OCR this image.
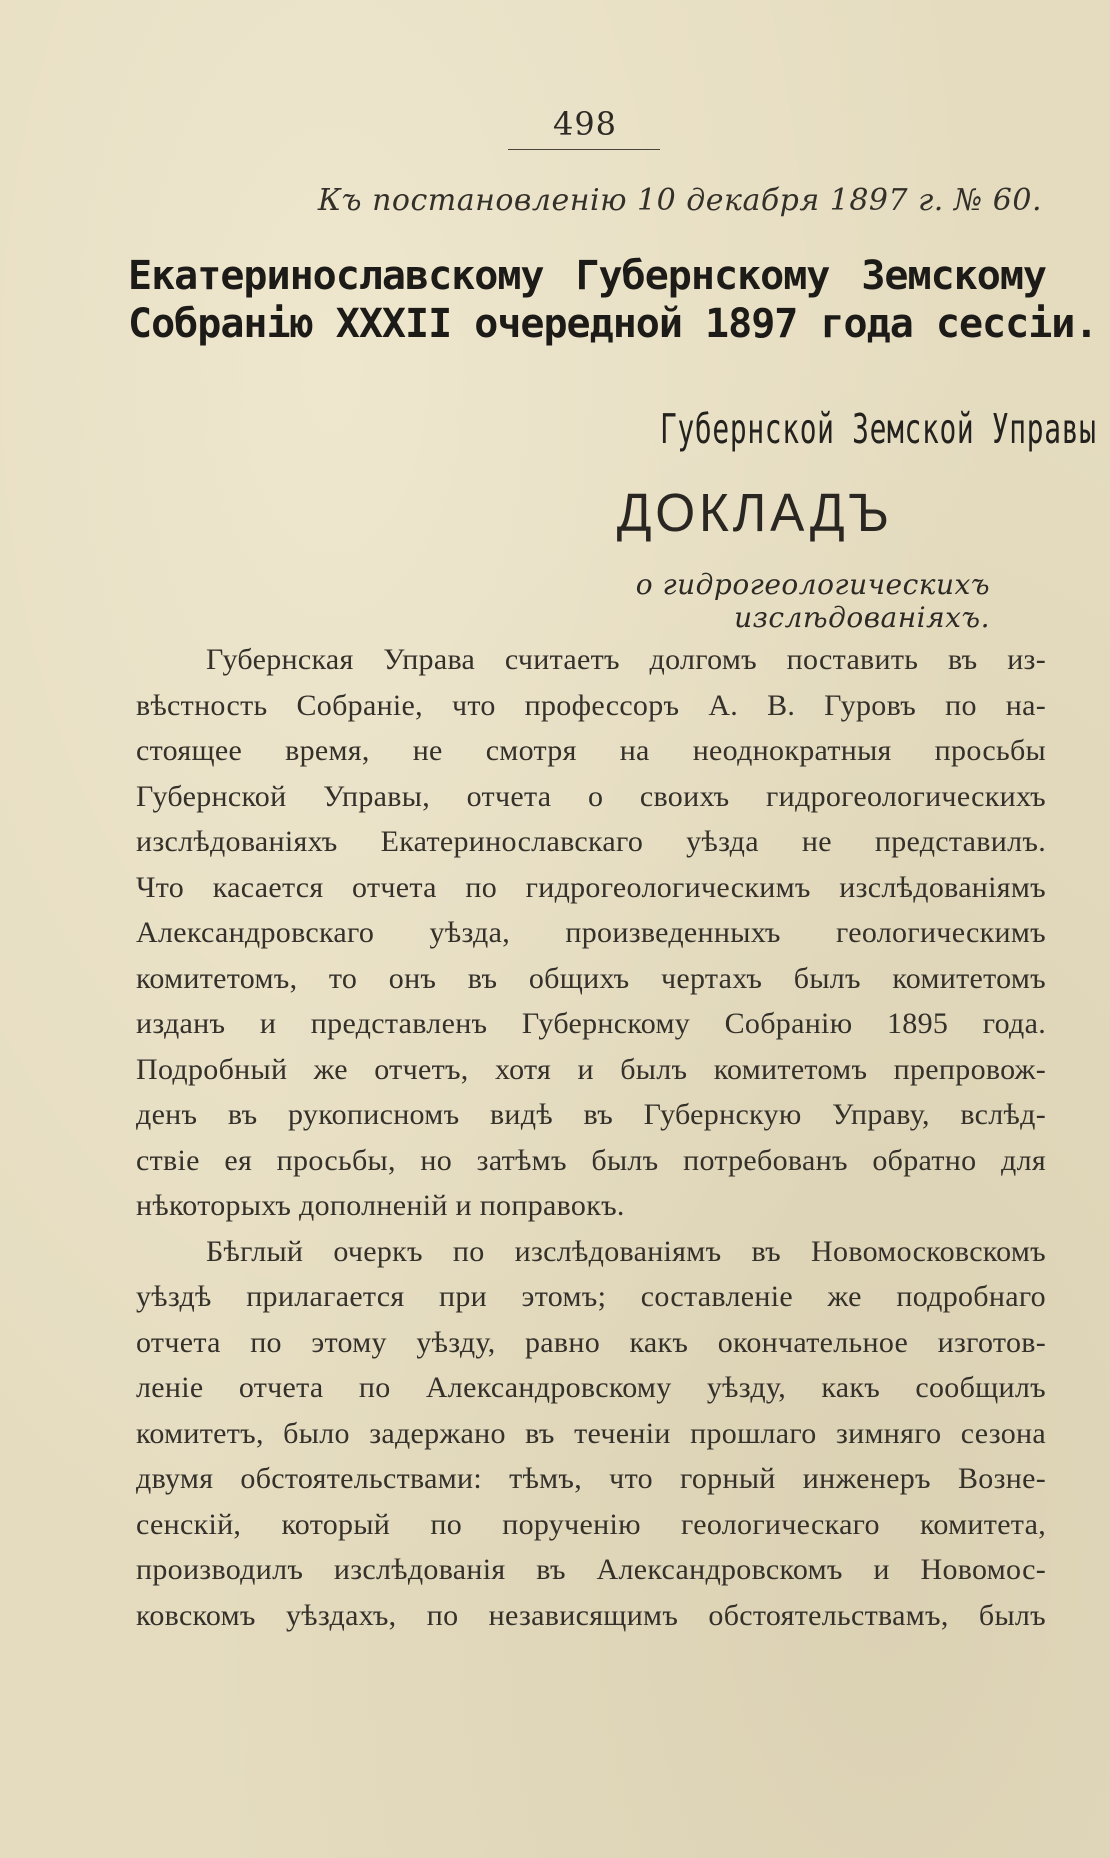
498
Къ постановленію 10 декабря 1897 г. № 60.
Екатеринославскому Губернскому Земскому
Собранію XXXII очередной 1897 года сессіи.
Губернской Земской Управы
ДОКЛАДЪ
о гидрогеологическихъ изслѣдованіяхъ.
Губернская Управа считаетъ долгомъ поставить въ из-
вѣстность Собраніе, что профессоръ А. В. Гуровъ по на-
стоящее время, не смотря на неоднократныя просьбы
Губернской Управы, отчета о своихъ гидрогеологическихъ
изслѣдованіяхъ Екатеринославскаго уѣзда не представилъ.
Что касается отчета по гидрогеологическимъ изслѣдованіямъ
Александровскаго уѣзда, произведенныхъ геологическимъ
комитетомъ, то онъ въ общихъ чертахъ былъ комитетомъ
изданъ и представленъ Губернскому Собранію 1895 года.
Подробный же отчетъ, хотя и былъ комитетомъ препровож-
денъ въ рукописномъ видѣ въ Губернскую Управу, вслѣд-
ствіе ея просьбы, но затѣмъ былъ потребованъ обратно для
нѣкоторыхъ дополненій и поправокъ.
Бѣглый очеркъ по изслѣдованіямъ въ Новомосковскомъ
уѣздѣ прилагается при этомъ; составленіе же подробнаго
отчета по этому уѣзду, равно какъ окончательное изготов-
леніе отчета по Александровскому уѣзду, какъ сообщилъ
комитетъ, было задержано въ теченіи прошлаго зимняго сезона
двумя обстоятельствами: тѣмъ, что горный инженеръ Возне-
сенскій, который по порученію геологическаго комитета,
производилъ изслѣдованія въ Александровскомъ и Новомос-
ковскомъ уѣздахъ, по независящимъ обстоятельствамъ, былъ
